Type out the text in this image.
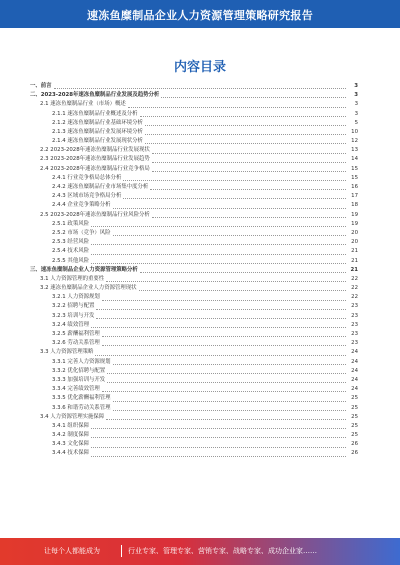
速冻鱼糜制品企业人力资源管理策略研究报告
内容目录
一、前言	3
二、2023-2028年速冻鱼糜制品行业发展及趋势分析	3
2.1 速冻鱼糜制品行业（市场）概述	3
2.1.1 速冻鱼糜制品行业概述及分析	3
2.1.2 速冻鱼糜制品行业基础环境分析	5
2.1.3 速冻鱼糜制品行业发展环境分析	10
2.1.4 速冻鱼糜制品行业发展现状分析	12
2.2 2023-2028年速冻鱼糜制品行业发展现状	13
2.3 2023-2028年速冻鱼糜制品行业发展趋势	14
2.4 2023-2028年速冻鱼糜制品行业竞争格局	15
2.4.1 行业竞争格局总体分析	15
2.4.2 速冻鱼糜制品行业市场集中度分析	16
2.4.3 区域市场竞争格局分析	17
2.4.4 企业竞争策略分析	18
2.5 2023-2028年速冻鱼糜制品行业风险分析	19
2.5.1 政策风险	19
2.5.2 市场（竞争）风险	20
2.5.3 经营风险	20
2.5.4 技术风险	21
2.5.5 其他风险	21
三、速冻鱼糜制品企业人力资源管理策略分析	21
3.1 人力资源管理的重要性	22
3.2 速冻鱼糜制品企业人力资源管理现状	22
3.2.1 人力资源规划	22
3.2.2 招聘与配置	23
3.2.3 培训与开发	23
3.2.4 绩效管理	23
3.2.5 薪酬福利管理	23
3.2.6 劳动关系管理	23
3.3 人力资源管理策略	24
3.3.1 完善人力资源规划	24
3.3.2 优化招聘与配置	24
3.3.3 加强培训与开发	24
3.3.4 完善绩效管理	24
3.3.5 优化薪酬福利管理	25
3.3.6 和谐劳动关系管理	25
3.4 人力资源管理实施保障	25
3.4.1 组织保障	25
3.4.2 制度保障	25
3.4.3 文化保障	26
3.4.4 技术保障	26
让每个人都能成为	行业专家、管理专家、营销专家、战略专家、成功企业家……
